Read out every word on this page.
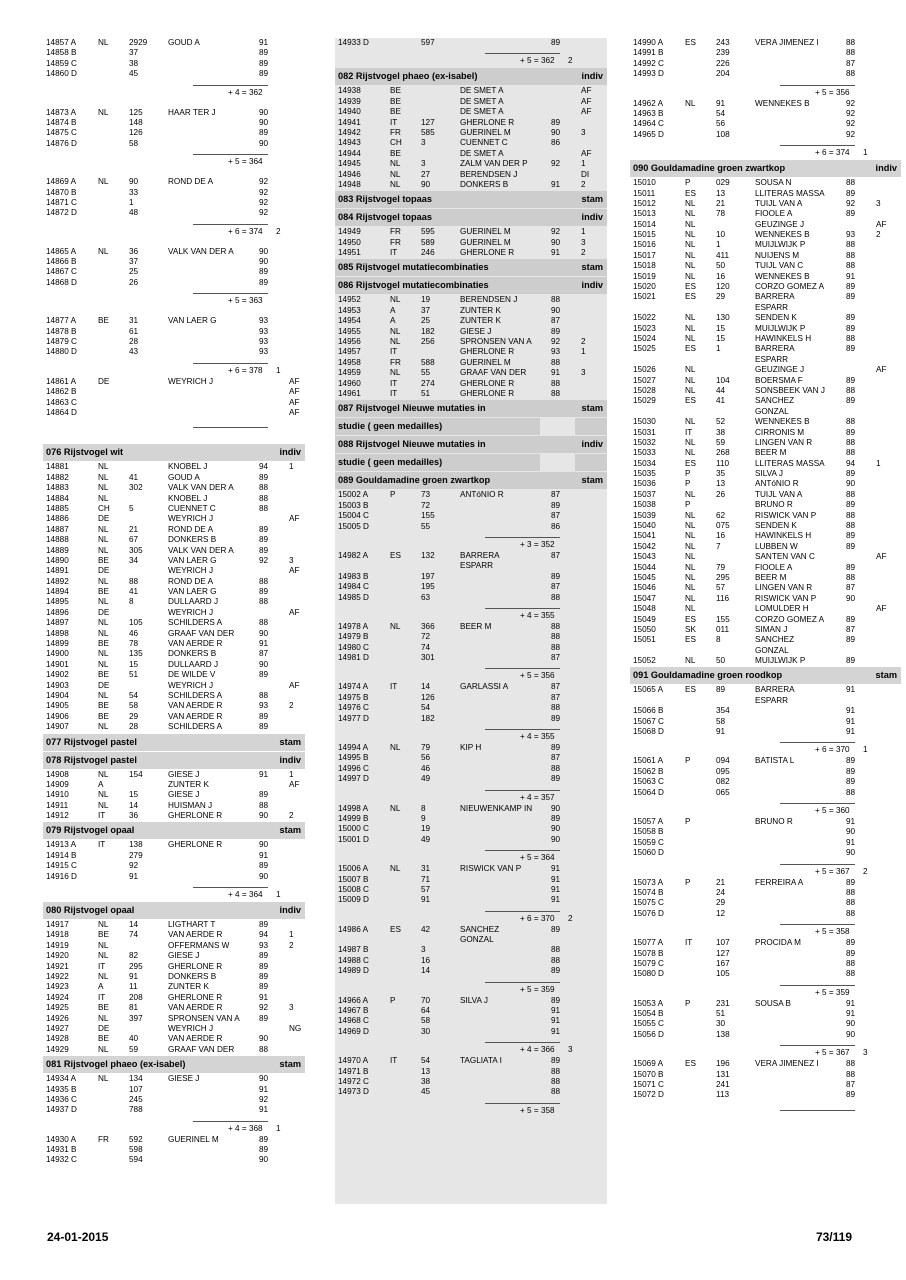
14857 A	NL	2929	GOUD A	91
14858 B	37	89
14859 C	38	89
14860 D	45	89
+ 4 = 362
14873 A	NL	125	HAAR TER J	90
14874 B	148	90
14875 C	126	89
14876 D	58	90
+ 5 = 364
14869 A	NL	90	ROND DE A	92
14870 B	33	92
14871 C	1	92
14872 D	48	92
+ 6 = 374 2
14865 A	NL	36	VALK VAN DER A	90
14866 B	37	90
14867 C	25	89
14868 D	26	89
+ 5 = 363
14877 A	BE 31	VAN LAER G	93
14878 B	61	93
14879 C	28	93
14880 D	43	93
+ 6 = 378 1
14861 A	DE	WEYRICH J	AF
14862 B	AF
14863 C	AF
14864 D	AF
076 Rijstvogel wit	indiv
14881	NL	KNOBEL J	94	1
14882	NL	41	GOUD A	89
14883	NL	302	VALK VAN DER A	88
14884	NL	KNOBEL J	88
14885	CH 5	CUENNET C	88
14886	DE	WEYRICH J	AF
14887	NL	21	ROND DE A	89
14888	NL	67	DONKERS B	89
14889	NL	305	VALK VAN DER A	89
14890	BE 34	VAN LAER G	92	3
14891	DE	WEYRICH J	AF
14892	NL	88	ROND DE A	88
14894	BE 41	VAN LAER G	89
14895	NL	8	DULLAARD J	88
14896	DE	WEYRICH J	AF
14897	NL	105	SCHILDERS A	88
14898	NL	46	GRAAF VAN DER	90
14899	BE 78	VAN AERDE R	91
14900	NL	135	DONKERS B	87
14901	NL	15	DULLAARD J	90
14902	BE 51	DE WILDE V	89
14903	DE	WEYRICH J	AF
14904	NL	54	SCHILDERS A	88
14905	BE 58	VAN AERDE R	93	2
14906	BE 29	VAN AERDE R	89
14907	NL	28	SCHILDERS A	89
077 Rijstvogel pastel	stam
078 Rijstvogel pastel	indiv
14908	NL	154	GIESE J	91	1
14909	A	ZUNTER K	AF
14910	NL	15	GIESE J	89
14911	NL	14	HUISMAN J	88
14912	IT	36	GHERLONE R	90	2
079 Rijstvogel opaal	stam
14913 A	IT	138	GHERLONE R	90
14914 B	279	91
14915 C	92	89
14916 D	91	90
+ 4 = 364 1
080 Rijstvogel opaal	indiv
14917	NL	14	LIGTHART T	89
14918	BE 74	VAN AERDE R	94	1
14919	NL	OFFERMANS W	93	2
14920	NL	82	GIESE J	89
14921	IT	295	GHERLONE R	89
14922	NL	91	DONKERS B	89
14923	A	11	ZUNTER K	89
14924	IT	208	GHERLONE R	91
14925	BE 81	VAN AERDE R	92	3
14926	NL	397	SPRONSEN VAN A 89
14927	DE	WEYRICH J	NG
14928	BE 40	VAN AERDE R	90
14929	NL	59	GRAAF VAN DER	88
081 Rijstvogel phaeo (ex-isabel)	stam
14934 A	NL	134	GIESE J	90
14935 B	107	91
14936 C	245	92
14937 D	788	91
+ 4 = 368 1
14930 A	FR 592	GUERINEL M	89
14931 B	598	89
14932 C	594	90
14933 D	597	89
+ 5 = 362 2
082 Rijstvogel phaeo (ex-isabel)	indiv
14938	BE	DE SMET A	AF
14939	BE	DE SMET A	AF
14940	BE	DE SMET A	AF
14941	IT	127	GHERLONE R	89
14942	FR 585	GUERINEL M	90	3
14943	CH 3	CUENNET C	86
14944	BE	DE SMET A	AF
14945	NL	3	ZALM VAN DER P	92	1
14946	NL	27	BERENDSEN J	DI
14948	NL	90	DONKERS B	91	2
083 Rijstvogel topaas	stam
084 Rijstvogel topaas	indiv
14949	FR 595	GUERINEL M	92	1
14950	FR 589	GUERINEL M	90	3
14951	IT	246	GHERLONE R	91	2
085 Rijstvogel mutatiecombinaties	stam
086 Rijstvogel mutatiecombinaties	indiv
14952	NL	19	BERENDSEN J	88
14953	A	37	ZUNTER K	90
14954	A	25	ZUNTER K	87
14955	NL	182	GIESE J	89
14956	NL	256	SPRONSEN VAN A 92	2
14957	IT	GHERLONE R	93	1
14958	FR 588	GUERINEL M	88
14959	NL	55	GRAAF VAN DER	91	3
14960	IT	274	GHERLONE R	88
14961	IT	51	GHERLONE R	88
087 Rijstvogel Nieuwe mutaties in	stam
studie ( geen medailles)
088 Rijstvogel Nieuwe mutaties in	indiv
studie ( geen medailles)
089 Gouldamadine groen zwartkop	stam
15002 A	P	73	ANTóNIO R	87
15003 B	72	89
15004 C	155	87
15005 D	55	86
+ 3 = 352
14982 A	ES 132	BARRERA	87
ESPARR
14983 B	197	89
14984 C	195	87
14985 D	63	88
+ 4 = 355
14978 A	NL	366	BEER M	88
14979 B	72	88
14980 C	74	88
14981 D	301	87
+ 5 = 356
14974 A	IT	14	GARLASSI A	87
14975 B	126	87
14976 C	54	88
14977 D	182	89
+ 4 = 355
14994 A	NL	79	KIP H	89
14995 B	56	87
14996 C	46	88
14997 D	49	89
+ 4 = 357
14998 A	NL	8	NIEUWENKAMP IN 90
14999 B	9	89
15000 C	19	90
15001 D	49	90
+ 5 = 364
15006 A	NL	31	RISWICK VAN P	91
15007 B	71	91
15008 C	57	91
15009 D	91	91
+ 6 = 370 2
14986 A	ES 42	SANCHEZ	89
GONZAL
14987 B	3	88
14988 C	16	88
14989 D	14	89
+ 5 = 359
14966 A	P	70	SILVA J	89
14967 B	64	91
14968 C	58	91
14969 D	30	91
+ 4 = 366 3
14970 A	IT	54	TAGLIATA I	89
14971 B	13	88
14972 C	38	88
14973 D	45	88
+ 5 = 358
14990 A	ES 243	VERA JIMENEZ I	88
14991 B	239	88
14992 C	226	87
14993 D	204	88
+ 5 = 356
14962 A	NL	91	WENNEKES B	92
14963 B	54	92
14964 C	56	92
14965 D	108	92
+ 6 = 374 1
090 Gouldamadine groen zwartkop	indiv
15010	P	029	SOUSA N	88
15011	ES 13	LLITERAS MASSA	89
15012	NL	21	TUIJL VAN A	92	3
15013	NL	78	FIOOLE A	89
15014	NL	GEUZINGE J	AF
15015	NL	10	WENNEKES B	93	2
15016	NL	1	MUIJLWIJK P	88
15017	NL	411	NUIJENS M	88
15018	NL	50	TUIJL VAN C	88
15019	NL	16	WENNEKES B	91
15020	ES 120	CORZO GOMEZ A	89
15021	ES 29	BARRERA	89
ESPARR
15022	NL	130	SENDEN K	89
15023	NL	15	MUIJLWIJK P	89
15024	NL	15	HAWINKELS H	88
15025	ES 1	BARRERA	89
ESPARR
15026	NL	GEUZINGE J	AF
15027	NL	104	BOERSMA F	89
15028	NL	44	SONSBEEK VAN J	88
15029	ES 41	SANCHEZ	89
GONZAL
15030	NL	52	WENNEKES B	88
15031	IT	38	CIRRONIS M	89
15032	NL	59	LINGEN VAN R	88
15033	NL	268	BEER M	88
15034	ES 110	LLITERAS MASSA	94	1
15035	P	35	SILVA J	89
15036	P	13	ANTóNIO R	90
15037	NL	26	TUIJL VAN A	88
15038	P	BRUNO R	89
15039	NL	62	RISWICK VAN P	88
15040	NL	075	SENDEN K	88
15041	NL	16	HAWINKELS H	89
15042	NL	7	LUBBEN W	89
15043	NL	SANTEN VAN C	AF
15044	NL	79	FIOOLE A	89
15045	NL	295	BEER M	88
15046	NL	57	LINGEN VAN R	87
15047	NL	116	RISWICK VAN P	90
15048	NL	LOMULDER H	AF
15049	ES 155	CORZO GOMEZ A	89
15050	SK 011	SIMAN J	87
15051	ES 8	SANCHEZ	89
GONZAL
15052	NL	50	MUIJLWIJK P	89
091 Gouldamadine groen roodkop	stam
15065 A	ES 89	BARRERA	91
ESPARR
15066 B	354	91
15067 C	58	91
15068 D	91	91
+ 6 = 370 1
15061 A	P	094	BATISTA L	89
15062 B	095	89
15063 C	082	89
15064 D	065	88
+ 5 = 360
15057 A	P	BRUNO R	91
15058 B	90
15059 C	91
15060 D	90
+ 5 = 367 2
15073 A	P	21	FERREIRA A	89
15074 B	24	88
15075 C	29	88
15076 D	12	88
+ 5 = 358
15077 A	IT	107	PROCIDA M	89
15078 B	127	89
15079 C	167	88
15080 D	105	88
+ 5 = 359
15053 A	P	231	SOUSA B	91
15054 B	51	91
15055 C	30	90
15056 D	138	90
+ 5 = 367 3
15069 A	ES 196	VERA JIMENEZ I	88
15070 B	131	88
15071 C	241	87
15072 D	113	89
24-01-2015	73/119
